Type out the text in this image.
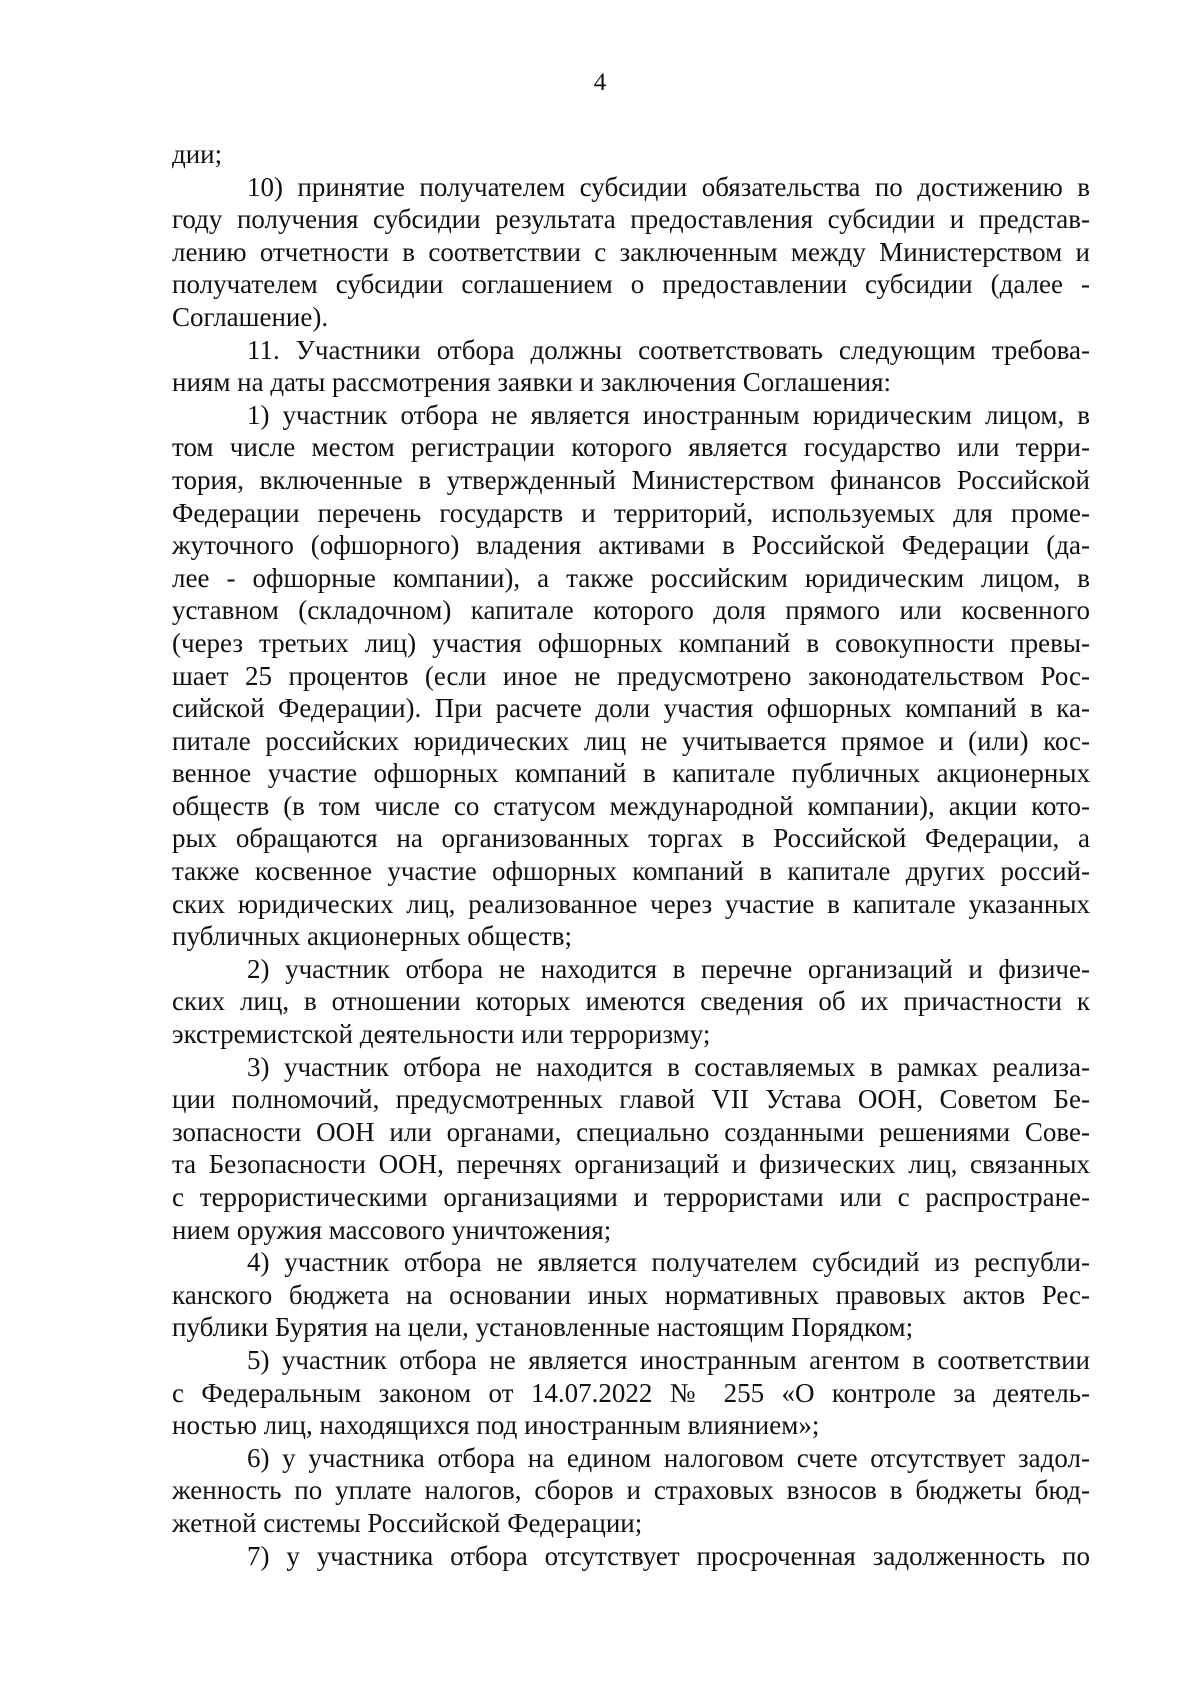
4
дии;
10) принятие получателем субсидии обязательства по достижению в
году получения субсидии результата предоставления субсидии и представ-
лению отчетности в соответствии с заключенным между Министерством и
получателем субсидии соглашением о предоставлении субсидии (далее -
Соглашение).
11. Участники отбора должны соответствовать следующим требова-
ниям на даты рассмотрения заявки и заключения Соглашения:
1) участник отбора не является иностранным юридическим лицом, в
том числе местом регистрации которого является государство или терри-
тория, включенные в утвержденный Министерством финансов Российской
Федерации перечень государств и территорий, используемых для проме-
жуточного (офшорного) владения активами в Российской Федерации (да-
лее - офшорные компании), а также российским юридическим лицом, в
уставном (складочном) капитале которого доля прямого или косвенного
(через третьих лиц) участия офшорных компаний в совокупности превы-
шает 25 процентов (если иное не предусмотрено законодательством Рос-
сийской Федерации). При расчете доли участия офшорных компаний в ка-
питале российских юридических лиц не учитывается прямое и (или) кос-
венное участие офшорных компаний в капитале публичных акционерных
обществ (в том числе со статусом международной компании), акции кото-
рых обращаются на организованных торгах в Российской Федерации, а
также косвенное участие офшорных компаний в капитале других россий-
ских юридических лиц, реализованное через участие в капитале указанных
публичных акционерных обществ;
2) участник отбора не находится в перечне организаций и физиче-
ских лиц, в отношении которых имеются сведения об их причастности к
экстремистской деятельности или терроризму;
3) участник отбора не находится в составляемых в рамках реализа-
ции полномочий, предусмотренных главой VII Устава ООН, Советом Бе-
зопасности ООН или органами, специально созданными решениями Сове-
та Безопасности ООН, перечнях организаций и физических лиц, связанных
с террористическими организациями и террористами или с распростране-
нием оружия массового уничтожения;
4) участник отбора не является получателем субсидий из республи-
канского бюджета на основании иных нормативных правовых актов Рес-
публики Бурятия на цели, установленные настоящим Порядком;
5) участник отбора не является иностранным агентом в соответствии
с Федеральным законом от 14.07.2022 № 255 «О контроле за деятель-
ностью лиц, находящихся под иностранным влиянием»;
6) у участника отбора на едином налоговом счете отсутствует задол-
женность по уплате налогов, сборов и страховых взносов в бюджеты бюд-
жетной системы Российской Федерации;
7) у участника отбора отсутствует просроченная задолженность по
